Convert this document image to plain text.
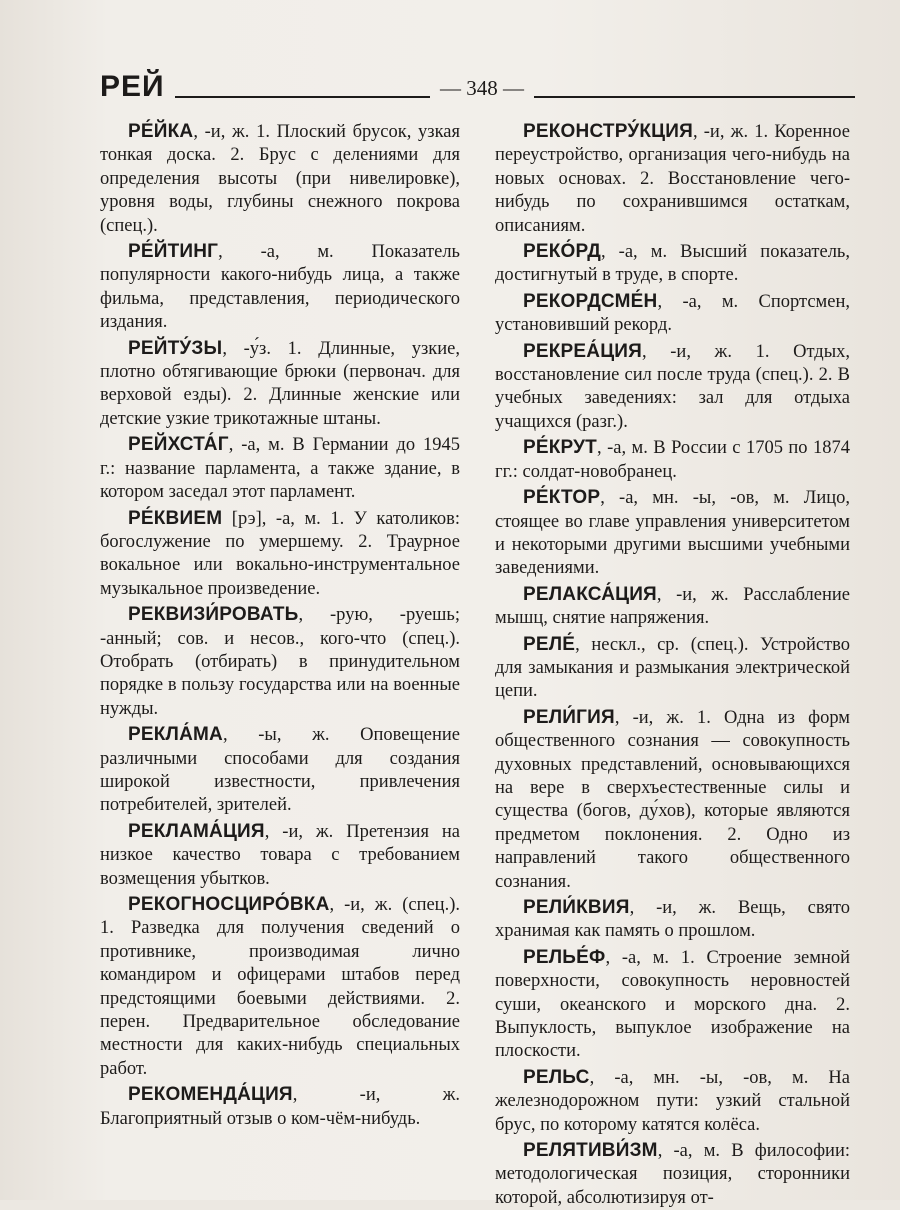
РЕЙ	— 348 —

РЕ́ЙКА, -и, ж. 1. Плоский брусок, узкая тонкая доска. 2. Брус с делениями для определения высоты (при нивелировке), уровня воды, глубины снежного покрова (спец.).

РЕ́ЙТИНГ, -а, м. Показатель популярности какого-нибудь лица, а также фильма, представления, периодического издания.

РЕЙТУ́ЗЫ, -у́з. 1. Длинные, узкие, плотно обтягивающие брюки (первонач. для верховой езды). 2. Длинные женские или детские узкие трикотажные штаны.

РЕЙХСТА́Г, -а, м. В Германии до 1945 г.: название парламента, а также здание, в котором заседал этот парламент.

РЕ́КВИЕМ [рэ], -а, м. 1. У католиков: богослужение по умершему. 2. Траурное вокальное или вокально-инструментальное музыкальное произведение.

РЕКВИЗИ́РОВАТЬ, -рую, -руешь; -анный; сов. и несов., кого-что (спец.). Отобрать (отбирать) в принудительном порядке в пользу государства или на военные нужды.

РЕКЛА́МА, -ы, ж. Оповещение различными способами для создания широкой известности, привлечения потребителей, зрителей.

РЕКЛАМА́ЦИЯ, -и, ж. Претензия на низкое качество товара с требованием возмещения убытков.

РЕКОГНОСЦИРО́ВКА, -и, ж. (спец.). 1. Разведка для получения сведений о противнике, производимая лично командиром и офицерами штабов перед предстоящими боевыми действиями. 2. перен. Предварительное обследование местности для каких-нибудь специальных работ.

РЕКОМЕНДА́ЦИЯ, -и, ж. Благоприятный отзыв о ком-чём-нибудь.

РЕКОНСТРУ́КЦИЯ, -и, ж. 1. Коренное переустройство, организация чего-нибудь на новых основах. 2. Восстановление чего-нибудь по сохранившимся остаткам, описаниям.

РЕКО́РД, -а, м. Высший показатель, достигнутый в труде, в спорте.

РЕКОРДСМЕ́Н, -а, м. Спортсмен, установивший рекорд.

РЕКРЕА́ЦИЯ, -и, ж. 1. Отдых, восстановление сил после труда (спец.). 2. В учебных заведениях: зал для отдыха учащихся (разг.).

РЕ́КРУТ, -а, м. В России с 1705 по 1874 гг.: солдат-новобранец.

РЕ́КТОР, -а, мн. -ы, -ов, м. Лицо, стоящее во главе управления университетом и некоторыми другими высшими учебными заведениями.

РЕЛАКСА́ЦИЯ, -и, ж. Расслабление мышц, снятие напряжения.

РЕЛЕ́, нескл., ср. (спец.). Устройство для замыкания и размыкания электрической цепи.

РЕЛИ́ГИЯ, -и, ж. 1. Одна из форм общественного сознания — совокупность духовных представлений, основывающихся на вере в сверхъестественные силы и существа (богов, ду́хов), которые являются предметом поклонения. 2. Одно из направлений такого общественного сознания.

РЕЛИ́КВИЯ, -и, ж. Вещь, свято хранимая как память о прошлом.

РЕЛЬЕ́Ф, -а, м. 1. Строение земной поверхности, совокупность неровностей суши, океанского и морского дна. 2. Выпуклость, выпуклое изображение на плоскости.

РЕЛЬС, -а, мн. -ы, -ов, м. На железнодорожном пути: узкий стальной брус, по которому катятся колёса.

РЕЛЯТИВИ́ЗМ, -а, м. В философии: методологическая позиция, сторонники которой, абсолютизируя от-
